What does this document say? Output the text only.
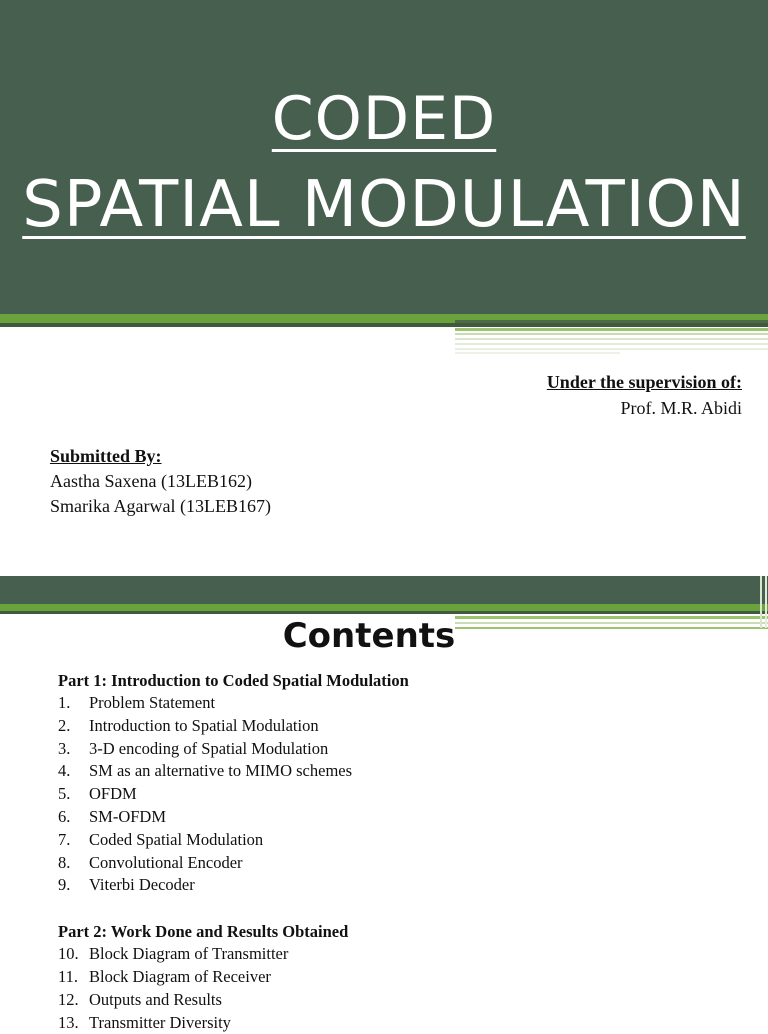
CODED
SPATIAL MODULATION
Under the supervision of:
Prof. M.R. Abidi
Submitted By:
Aastha Saxena (13LEB162)
Smarika Agarwal (13LEB167)
Contents
Part 1: Introduction to Coded Spatial Modulation
1.	Problem Statement
2.	Introduction to Spatial Modulation
3.	3-D encoding of Spatial Modulation
4.	SM as an alternative to MIMO schemes
5.	OFDM
6.	SM-OFDM
7.	Coded Spatial Modulation
8.	Convolutional Encoder
9.	Viterbi Decoder
Part 2: Work Done and Results Obtained
10. Block Diagram of Transmitter
11. Block Diagram of Receiver
12. Outputs and Results
13. Transmitter Diversity
